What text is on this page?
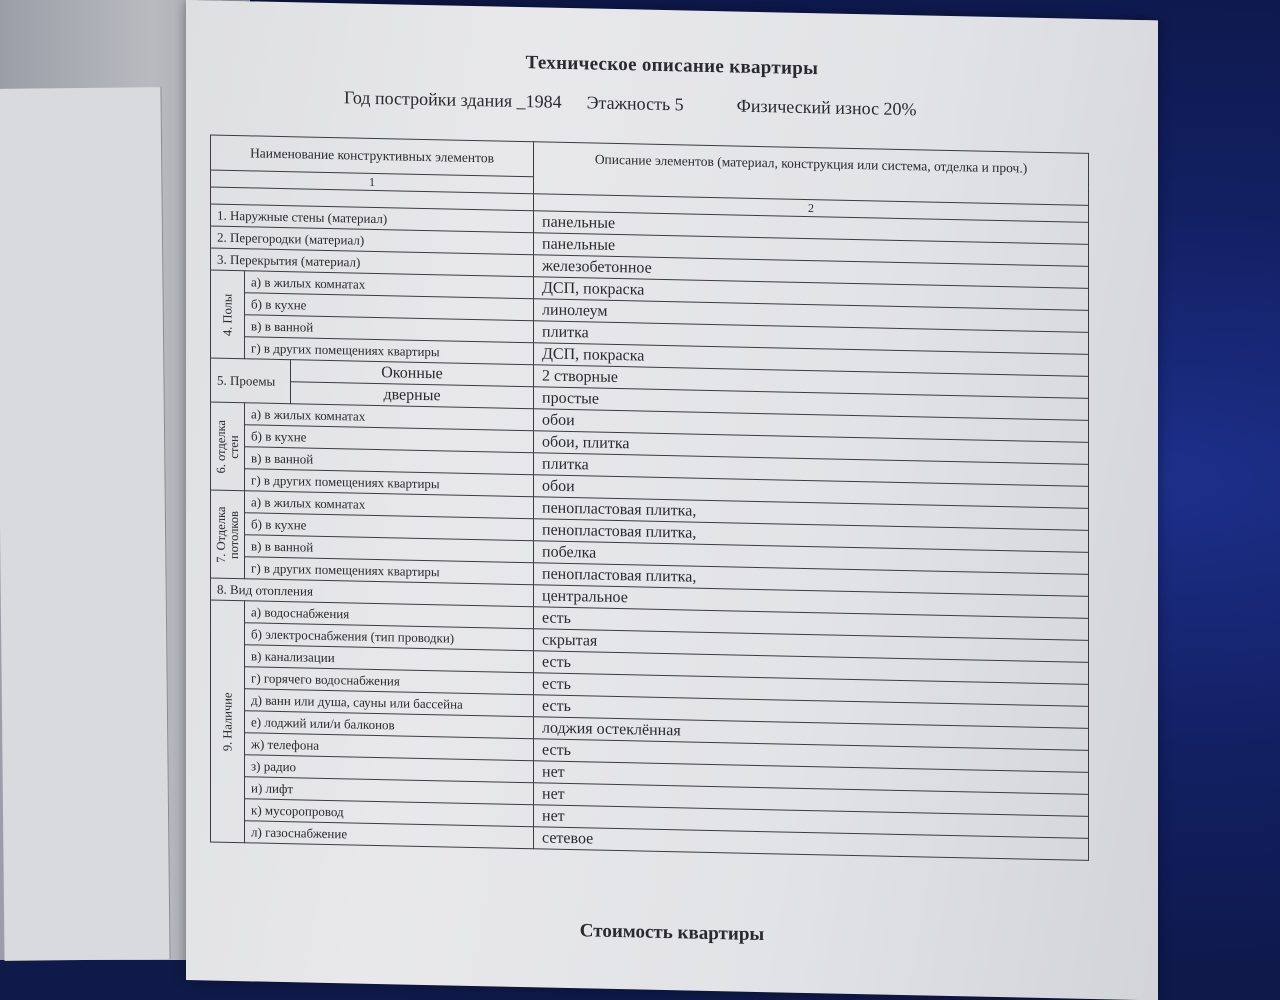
Техническое описание квартиры
Год постройки здания _1984 Этажность 5	Физический износ 20%
Наименование конструктивных элементов			Описание элементов (материал, конструкция или система, отделка и проч.)
1			
			2
1. Наружные стены (материал)			панельные
2. Перегородки (материал)			панельные
3. Перекрытия (материал)			железобетонное

4. Полы	а) в жилых комнатах		ДСП, покраска
	б) в кухне		линолеум
	в) в ванной		плитка
	г) в других помещениях квартиры		ДСП, покраска
5. Проемы		Оконные	2 створные
		дверные	простые

6. отделка стен	а) в жилых комнатах		обои
	б) в кухне		обои, плитка
	в) в ванной		плитка
	г) в других помещениях квартиры		обои

7. Отделка потолков	а) в жилых комнатах		пенопластовая плитка,
	б) в кухне		пенопластовая плитка,
	в) в ванной		побелка
	г) в других помещениях квартиры		пенопластовая плитка,
8. Вид отопления			центральное

9. Наличие	а) водоснабжения		есть
	б) электроснабжения (тип проводки)		скрытая
	в) канализации		есть
	г) горячего водоснабжения		есть
	д) ванн или душа, сауны или бассейна		есть
	е) лоджий или/и балконов		лоджия остеклённая
	ж) телефона		есть
	з) радио		нет
	и) лифт		нет
	к) мусоропровод		нет
	л) газоснабжение		сетевое
Стоимость квартиры
